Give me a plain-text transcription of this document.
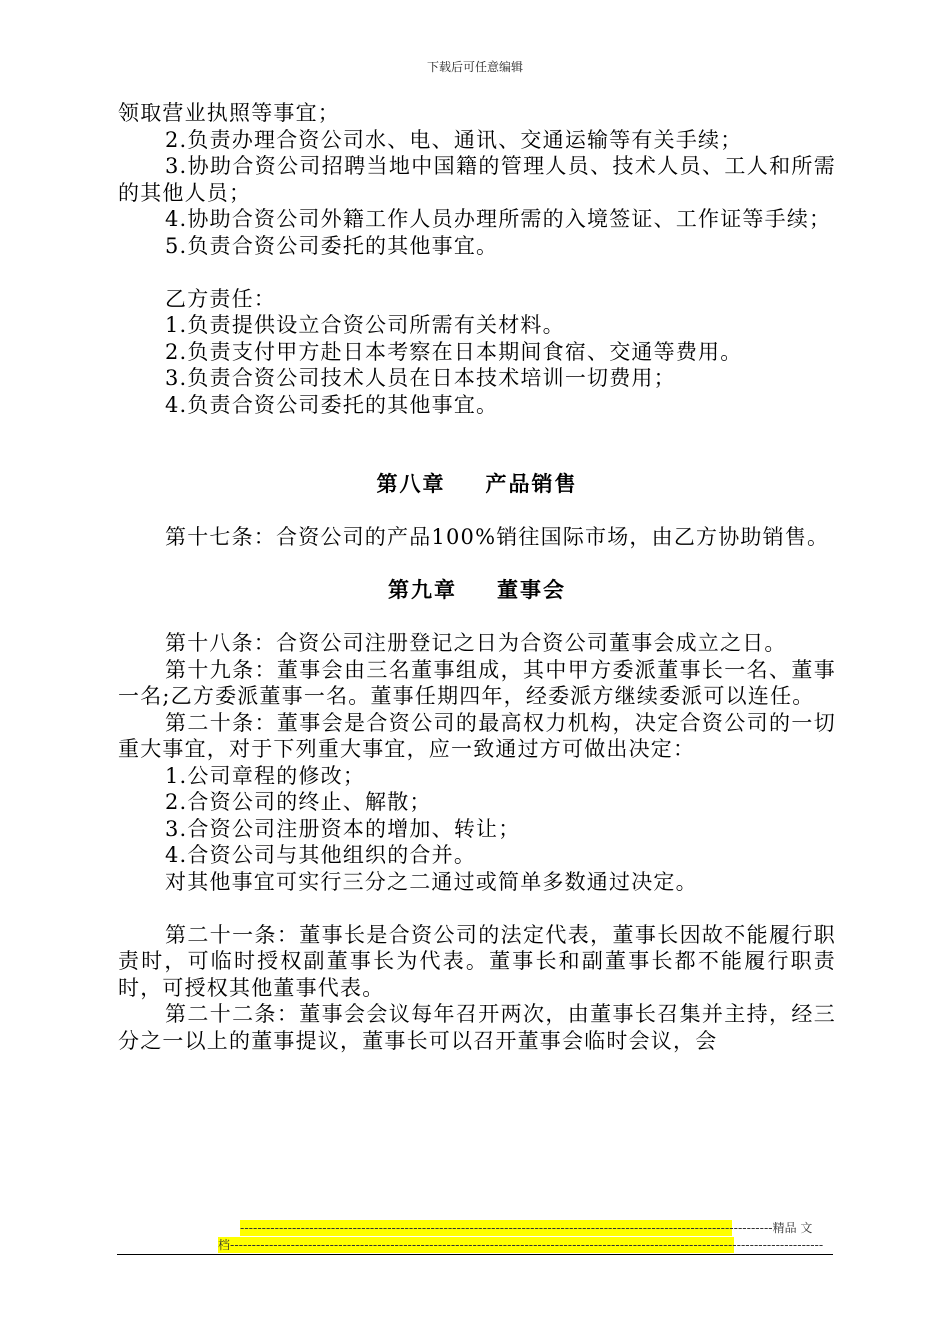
下载后可任意编辑

领取营业执照等事宜；

2.负责办理合资公司水、电、通讯、交通运输等有关手续；

3.协助合资公司招聘当地中国籍的管理人员、技术人员、工人和所需的其他人员；

4.协助合资公司外籍工作人员办理所需的入境签证、工作证等手续；

5.负责合资公司委托的其他事宜。

乙方责任：

1.负责提供设立合资公司所需有关材料。

2.负责支付甲方赴日本考察在日本期间食宿、交通等费用。

3.负责合资公司技术人员在日本技术培训一切费用；

4.负责合资公司委托的其他事宜。

第八章 产品销售

第十七条：合资公司的产品100%销往国际市场，由乙方协助销售。

第九章 董事会

第十八条：合资公司注册登记之日为合资公司董事会成立之日。

第十九条：董事会由三名董事组成，其中甲方委派董事长一名、董事一名;乙方委派董事一名。董事任期四年，经委派方继续委派可以连任。

第二十条：董事会是合资公司的最高权力机构，决定合资公司的一切重大事宜，对于下列重大事宜，应一致通过方可做出决定：

1.公司章程的修改；

2.合资公司的终止、解散；

3.合资公司注册资本的增加、转让；

4.合资公司与其他组织的合并。

对其他事宜可实行三分之二通过或简单多数通过决定。

第二十一条：董事长是合资公司的法定代表，董事长因故不能履行职责时，可临时授权副董事长为代表。董事长和副董事长都不能履行职责时，可授权其他董事代表。

第二十二条：董事会会议每年召开两次，由董事长召集并主持，经三分之一以上的董事提议，董事长可以召开董事会临时会议，会

---------------------------------------------------------------------------------------------------------------------------精品 文
档-----------------------------------------------------------------------------------------------------------------------------------------
